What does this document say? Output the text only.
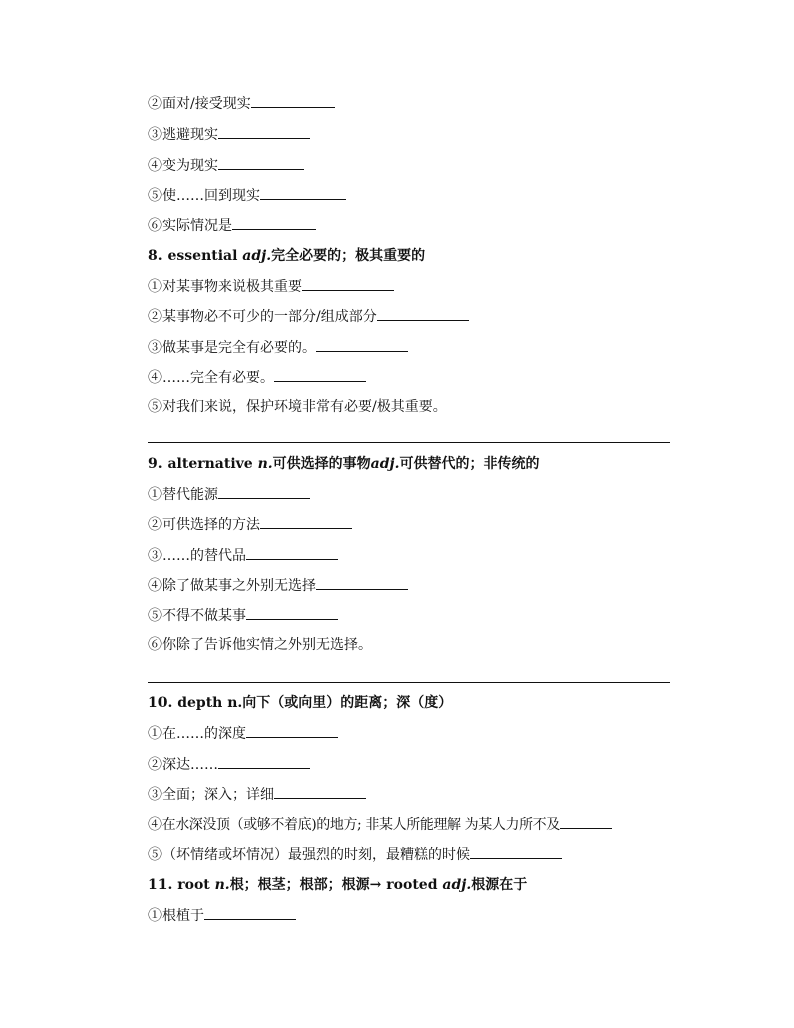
②面对/接受现实
③逃避现实
④变为现实
⑤使……回到现实
⑥实际情况是
8. essential adj.完全必要的；极其重要的
①对某事物来说极其重要
②某事物必不可少的一部分/组成部分
③做某事是完全有必要的。
④……完全有必要。
⑤对我们来说，保护环境非常有必要/极其重要。
9. alternative n.可供选择的事物adj.可供替代的；非传统的
①替代能源
②可供选择的方法
③……的替代品
④除了做某事之外别无选择
⑤不得不做某事
⑥你除了告诉他实情之外别无选择。
10. depth n.向下（或向里）的距离；深（度）
①在……的深度
②深达……
③全面；深入；详细
④在水深没顶（或够不着底)的地方; 非某人所能理解 为某人力所不及
⑤（坏情绪或坏情况）最强烈的时刻，最糟糕的时候
11. root n.根；根茎；根部；根源→ rooted adj.根源在于
①根植于
